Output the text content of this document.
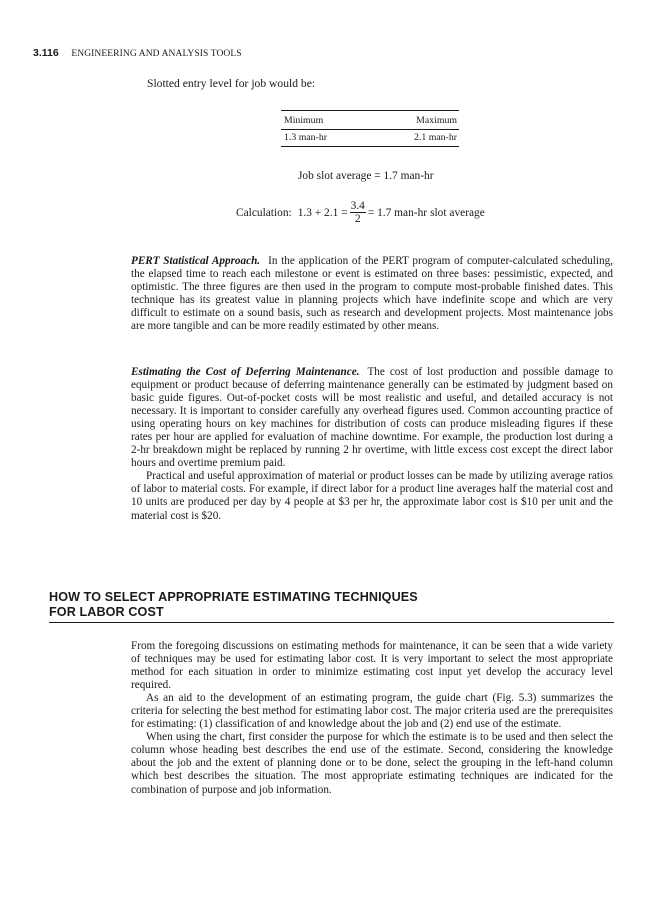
3.116 ENGINEERING AND ANALYSIS TOOLS
Slotted entry level for job would be:
Minimum	Maximum
1.3 man-hr	2.1 man-hr
Job slot average = 1.7 man-hr
Calculation: $1.3 + 2.1 = \frac{3.4}{2} = 1.7$ man-hr slot average

PERT Statistical Approach. In the application of the PERT program of computer-calculated scheduling, the elapsed time to reach each milestone or event is estimated on three bases: pessimistic, expected, and optimistic. The three figures are then used in the program to compute most-probable finished dates. This technique has its greatest value in planning projects which have indefinite scope and which are very difficult to estimate on a sound basis, such as research and development projects. Most maintenance jobs are more tangible and can be more readily estimated by other means.

Estimating the Cost of Deferring Maintenance. The cost of lost production and possible damage to equipment or product because of deferring maintenance generally can be estimated by judgment based on basic guide figures. Out-of-pocket costs will be most realistic and useful, and detailed accuracy is not necessary. It is important to consider carefully any overhead figures used. Common accounting practice of using operating hours on key machines for distribution of costs can produce misleading figures if these rates per hour are applied for evaluation of machine downtime. For example, the production lost during a 2-hr breakdown might be replaced by running 2 hr overtime, with little excess cost except the direct labor hours and overtime premium paid.

Practical and useful approximation of material or product losses can be made by utilizing average ratios of labor to material costs. For example, if direct labor for a product line averages half the material cost and 10 units are produced per day by 4 people at $3 per hr, the approximate labor cost is $10 per unit and the material cost is $20.

HOW TO SELECT APPROPRIATE ESTIMATING TECHNIQUES
FOR LABOR COST

From the foregoing discussions on estimating methods for maintenance, it can be seen that a wide variety of techniques may be used for estimating labor cost. It is very important to select the most appropriate method for each situation in order to minimize estimating cost input yet develop the accuracy level required.

As an aid to the development of an estimating program, the guide chart (Fig. 5.3) summarizes the criteria for selecting the best method for estimating labor cost. The major criteria used are the prerequisites for estimating: (1) classification of and knowledge about the job and (2) end use of the estimate.

When using the chart, first consider the purpose for which the estimate is to be used and then select the column whose heading best describes the end use of the estimate. Second, considering the knowledge about the job and the extent of planning done or to be done, select the grouping in the left-hand column which best describes the situation. The most appropriate estimating techniques are indicated for the combination of purpose and job information.
